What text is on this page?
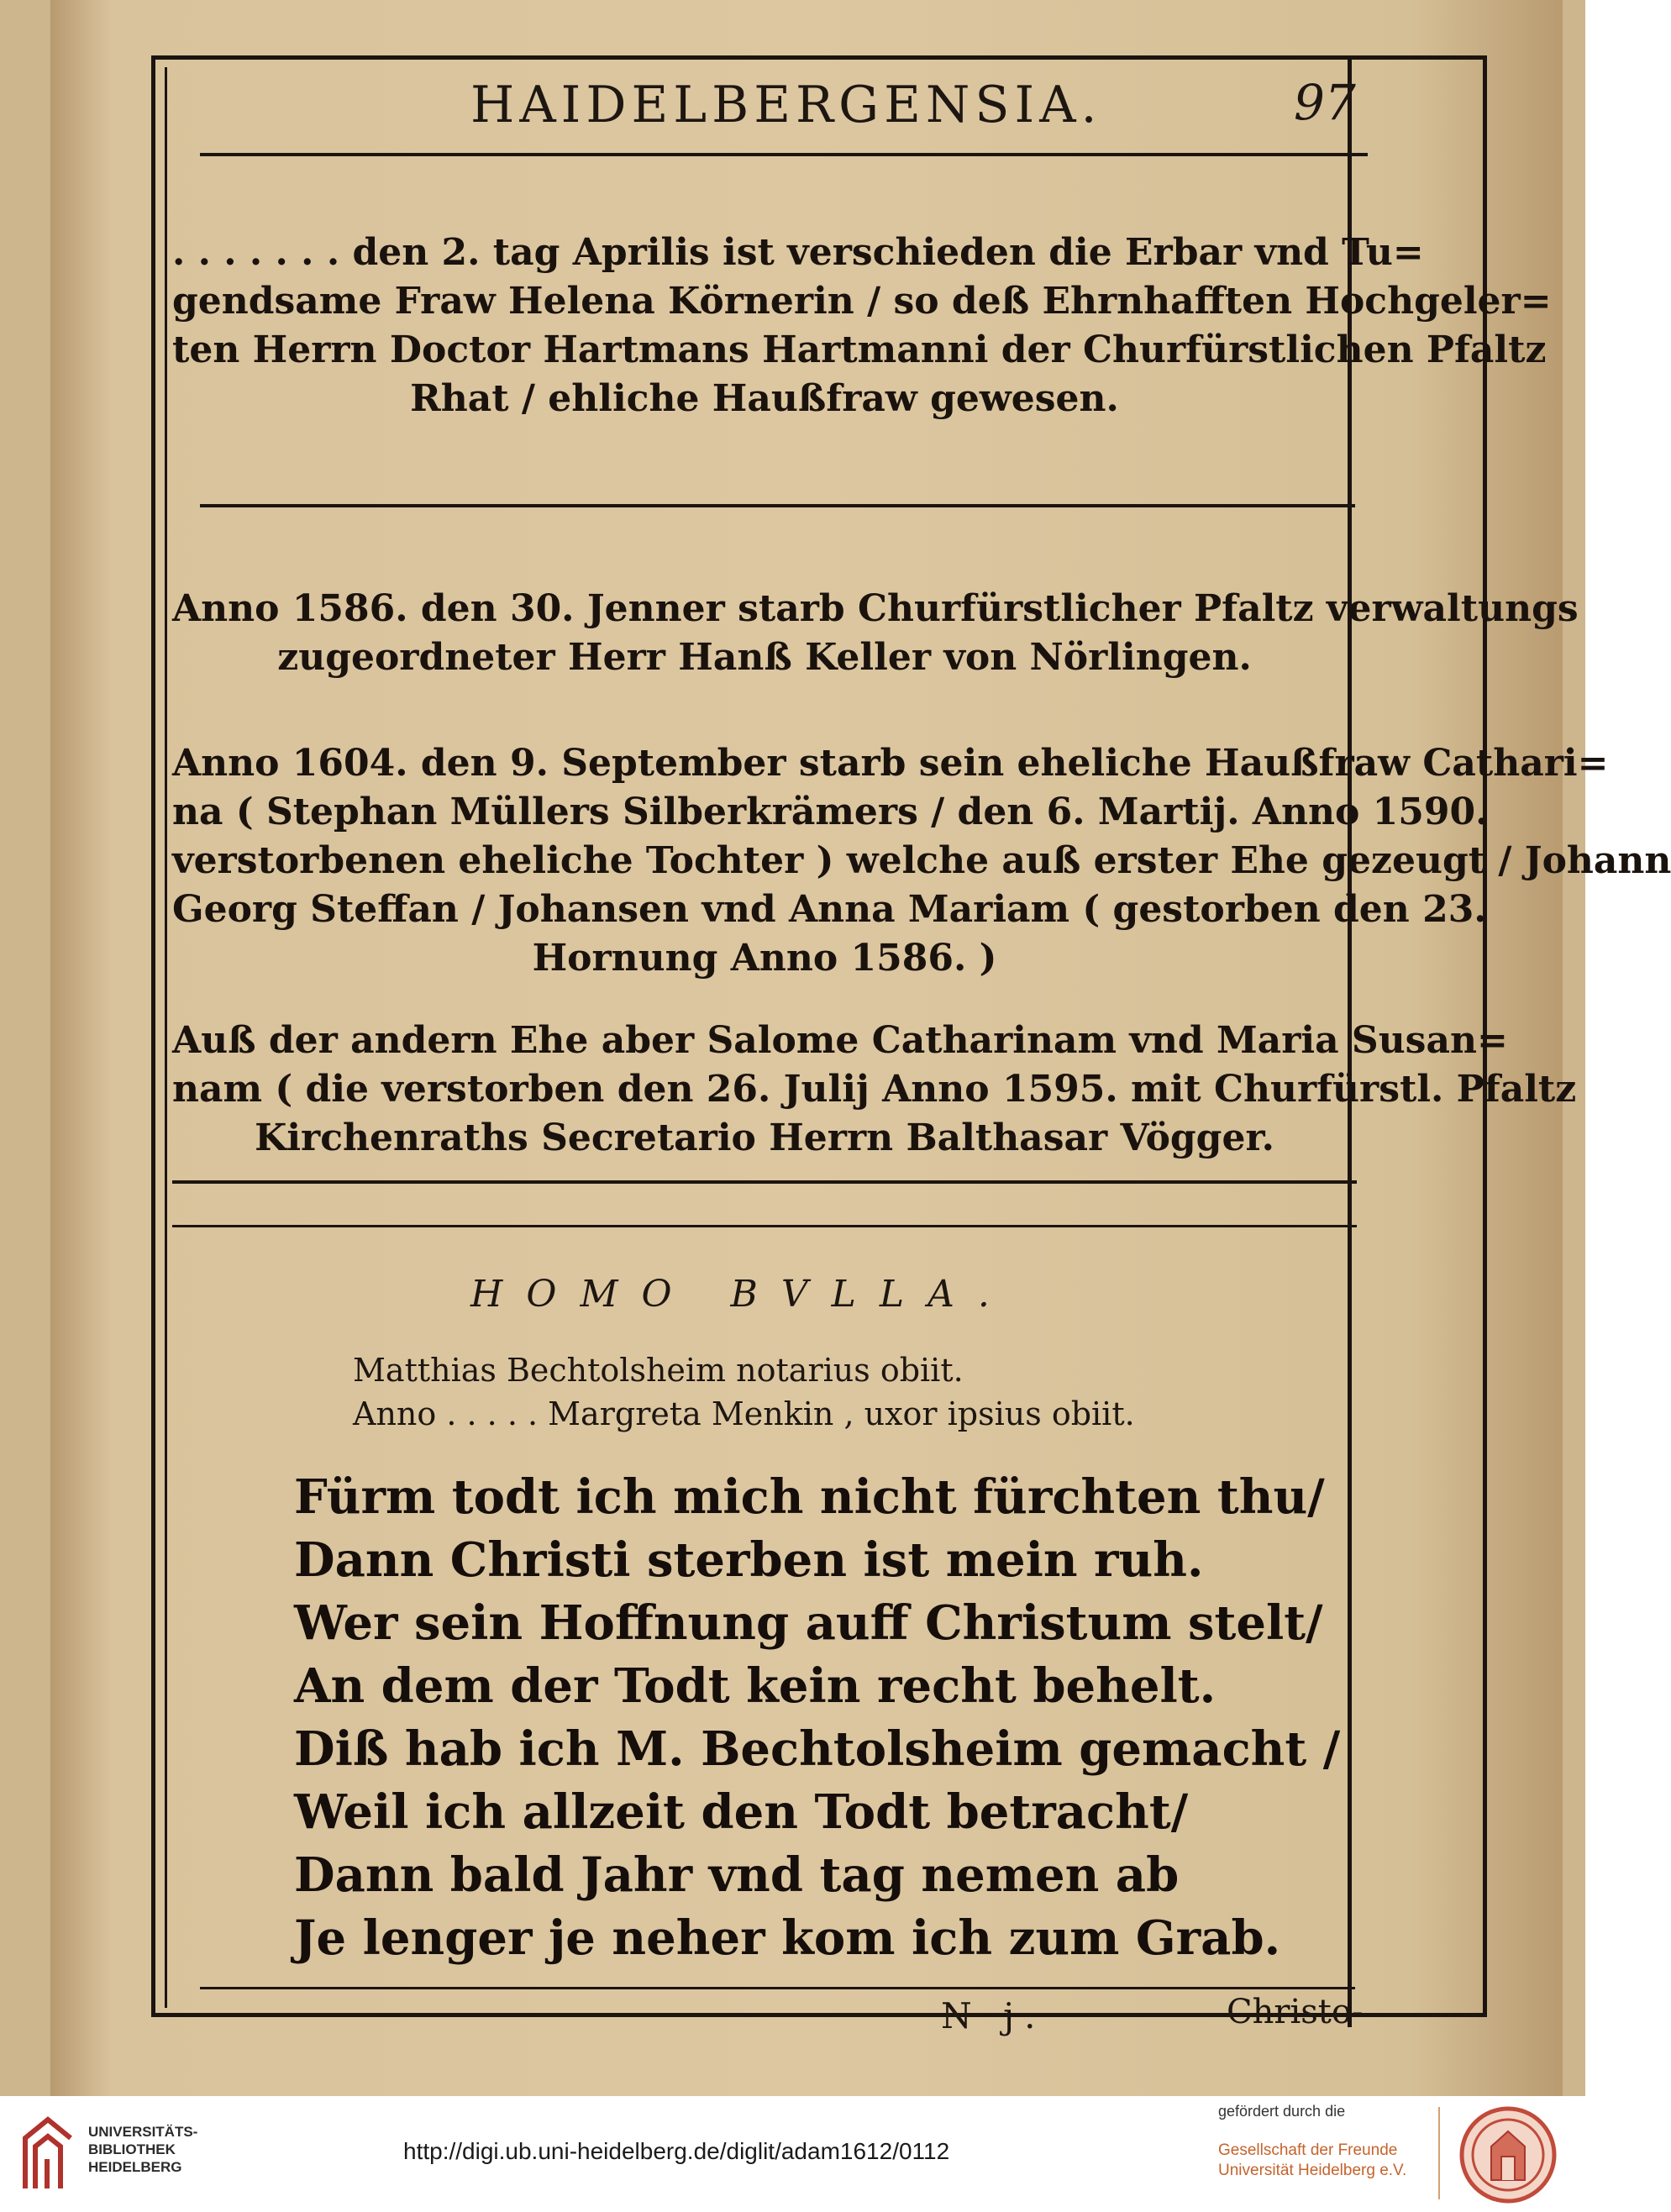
HAIDELBERGENSIA.	97
. . . . . . . den 2. tag Aprilis ist verschieden die Erbar vnd Tu=
gendsame Fraw Helena Körnerin / so deß Ehrnhafften Hochgeler=
ten Herrn Doctor Hartmans Hartmanni der Churfürstlichen Pfaltz
Rhat / ehliche Haußfraw gewesen.
Anno 1586. den 30. Jenner starb Churfürstlicher Pfaltz verwaltungs
zugeordneter Herr Hanß Keller von Nörlingen.
Anno 1604. den 9. September starb sein eheliche Haußfraw Cathari=
na ( Stephan Müllers Silberkrämers / den 6. Martij. Anno 1590.
verstorbenen eheliche Tochter ) welche auß erster Ehe gezeugt / Johann
Georg Steffan / Johansen vnd Anna Mariam ( gestorben den 23.
Hornung Anno 1586. )
Auß der andern Ehe aber Salome Catharinam vnd Maria Susan=
nam ( die verstorben den 26. Julij Anno 1595. mit Churfürstl. Pfaltz
Kirchenraths Secretario Herrn Balthasar Vögger.
HOMO BVLLA.
Matthias Bechtolsheim notarius obiit.
Anno . . . . . Margreta Menkin , uxor ipsius obiit.
Fürm todt ich mich nicht fürchten thu/
Dann Christi sterben ist mein ruh.
Wer sein Hoffnung auff Christum stelt/
An dem der Todt kein recht behelt.
Diß hab ich M. Bechtolsheim gemacht /
Weil ich allzeit den Todt betracht/
Dann bald Jahr vnd tag nemen ab
Je lenger je neher kom ich zum Grab.
N j.	Christo-
UNIVERSITÄTS-
BIBLIOTHEK
HEIDELBERG
http://digi.ub.uni-heidelberg.de/diglit/adam1612/0112
gefördert durch die
Gesellschaft der Freunde
Universität Heidelberg e.V.
